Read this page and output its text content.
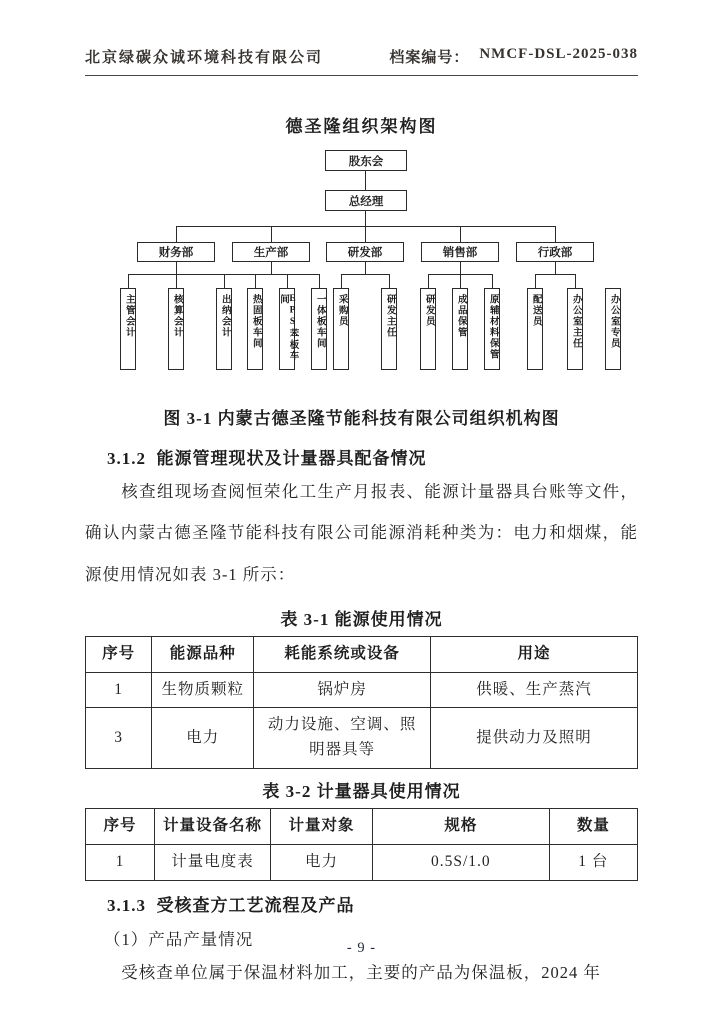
北京绿碳众诚环境科技有限公司	档案编号： NMCF-DSL-2025-038
德圣隆组织架构图
股东会
总经理
财务部	生产部	研发部	销售部	行政部
主管会计	核算会计	出纳会计 热固板车间	EPS苯板车间	一体板车间 采购员	研发主任	研发员 成品保管 原辅材料保管	配送员	办公室主任	办公室专员
图 3-1 内蒙古德圣隆节能科技有限公司组织机构图
3.1.2  能源管理现状及计量器具配备情况

核查组现场查阅恒荣化工生产月报表、能源计量器具台账等文件，确认内蒙古德圣隆节能科技有限公司能源消耗种类为：电力和烟煤，能源使用情况如表 3-1 所示：

表 3-1 能源使用情况
序号	能源品种	耗能系统或设备	用途
1	生物质颗粒	锅炉房	供暖、生产蒸汽
3	电力	动力设施、空调、照明器具等	提供动力及照明
表 3-2 计量器具使用情况
序号	计量设备名称	计量对象	规格	数量
1	计量电度表	电力	0.5S/1.0	1 台
3.1.3  受核查方工艺流程及产品
（1）产品产量情况

受核查单位属于保温材料加工，主要的产品为保温板，2024 年

- 9 -
